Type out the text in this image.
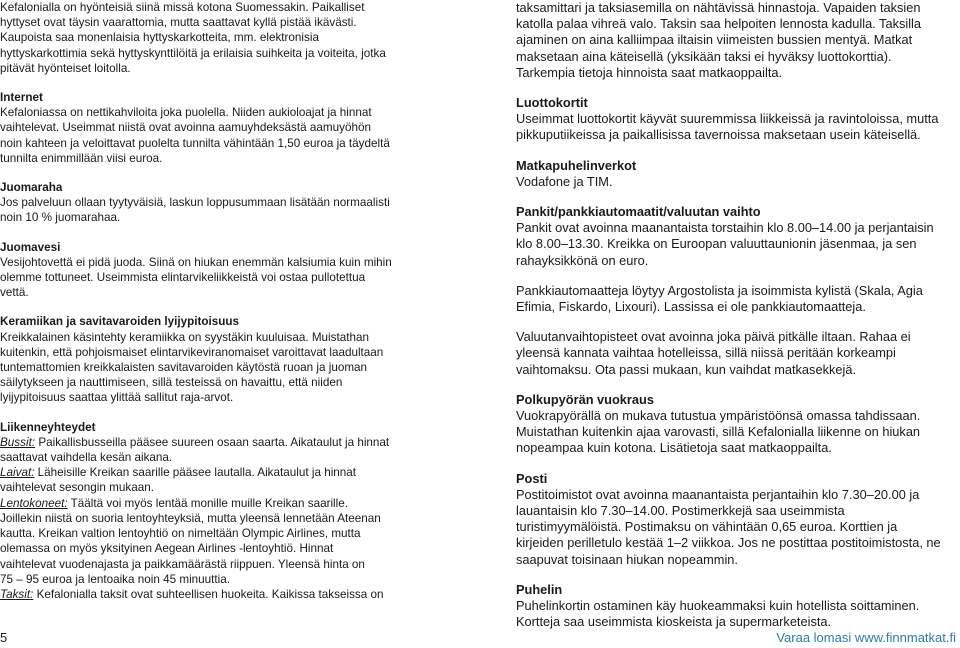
Kefaloniallа on hyönteisiä siinä missä kotona Suomessakin. Paikalliset

hyttyset ovat täysin vaarattomia, mutta saattavat kyllä pistää ikävästi.

Kaupoista saa monenlaisia hyttyskarkotteita, mm. elektronisia

hyttyskarkottimia sekä hyttyskynttilöitä ja erilaisia suihkeita ja voiteita, jotka

pitävät hyönteiset loitolla.

Internet

Kefaloniassa on nettikahviloita joka puolella. Niiden aukioloajat ja hinnat

vaihtelevat. Useimmat niistä ovat avoinna aamuyhdeksästä aamuyöhön

noin kahteen ja veloittavat puolelta tunnilta vähintään 1,50 euroa ja täydeltä

tunnilta enimmillään viisi euroa.

Juomaraha

Jos palveluun ollaan tyytyväisiä, laskun loppusummaan lisätään normaalisti

noin 10 % juomarahaa.

Juomavesi

Vesijohtovettä ei pidä juoda. Siinä on hiukan enemmän kalsiumia kuin mihin

olemme tottuneet. Useimmista elintarvikeliikkeistä voi ostaa pullotettua

vettä.

Keramiikan ja savitavaroiden lyijypitoisuus

Kreikkalainen käsintehty keramiikka on syystäkin kuuluisaa. Muistathan

kuitenkin, että pohjoismaiset elintarvikeviranomaiset varoittavat laadultaan

tuntemattomien kreikkalaisten savitavaroiden käytöstä ruoan ja juoman

säilytykseen ja nauttimiseen, sillä testeissä on havaittu, että niiden

lyijypitoisuus saattaa ylittää sallitut raja-arvot.

Liikenneyhteydet

Bussit: Paikallisbusseilla pääsee suureen osaan saarta. Aikataulut ja hinnat

saattavat vaihdella kesän aikana.

Laivat: Läheisille Kreikan saarille pääsee lautalla. Aikataulut ja hinnat

vaihtelevat sesongin mukaan.

Lentokoneet: Täältä voi myös lentää monille muille Kreikan saarille.

Joillekin niistä on suoria lentoyhteyksiä, mutta yleensä lennetään Ateenan

kautta. Kreikan valtion lentoyhtiö on nimeltään Olympic Airlines, mutta

olemassa on myös yksityinen Aegean Airlines -lentoyhtiö. Hinnat

vaihtelevat vuodenajasta ja paikkamäärästä riippuen. Yleensä hinta on

75 – 95 euroa ja lentoaika noin 45 minuuttia.

Taksit: Kefalonialla taksit ovat suhteellisen huokeita. Kaikissa takseissa on

taksamittari ja taksiasemilla on nähtävissä hinnastoja. Vapaiden taksien

katolla palaa vihreä valo. Taksin saa helpoiten lennosta kadulla. Taksilla

ajaminen on aina kalliimpaa iltaisin viimeisten bussien mentyä. Matkat

maksetaan aina käteisellä (yksikään taksi ei hyväksy luottokorttia).

Tarkempia tietoja hinnoista saat matkaoppailta.

Luottokortit

Useimmat luottokortit käyvät suuremmissa liikkeissä ja ravintoloissa, mutta

pikkuputiikeissa ja paikallisissa tavernoissa maksetaan usein käteisellä.

Matkapuhelinverkot

Vodafone ja TIM.

Pankit/pankkiautomaatit/valuutan vaihto

Pankit ovat avoinna maanantaista torstaihin klo 8.00–14.00 ja perjantaisin

klo 8.00–13.30. Kreikka on Euroopan valuuttaunionin jäsenmaa, ja sen

rahayksikkönä on euro.

Pankkiautomaatteja löytyy Argostolista ja isoimmista kylistä (Skala, Agia

Efimia, Fiskardo, Lixouri). Lassissa ei ole pankkiautomaatteja.

Valuutanvaihtopisteet ovat avoinna joka päivä pitkälle iltaan. Rahaa ei

yleensä kannata vaihtaa hotelleissa, sillä niissä peritään korkeampi

vaihtomaksu. Ota passi mukaan, kun vaihdat matkasekkejä.

Polkupyörän vuokraus

Vuokrapyörällä on mukava tutustua ympäristöönsä omassa tahdissaan.

Muistathan kuitenkin ajaa varovasti, sillä Kefalonialla liikenne on hiukan

nopeampaa kuin kotona. Lisätietoja saat matkaoppailta.

Posti

Postitoimistot ovat avoinna maanantaista perjantaihin klo 7.30–20.00 ja

lauantaisin klo 7.30–14.00. Postimerkkejä saa useimmista

turistimyymälöistä. Postimaksu on vähintään 0,65 euroa. Korttien ja

kirjeiden perilletulo kestää 1–2 viikkoa. Jos ne postittaa postitoimistosta, ne

saapuvat toisinaan hiukan nopeammin.

Puhelin

Puhelinkortin ostaminen käy huokeammaksi kuin hotellista soittaminen.

Kortteja saa useimmista kioskeista ja supermarketeista.

5	Varaa lomasi www.finnmatkat.fi
